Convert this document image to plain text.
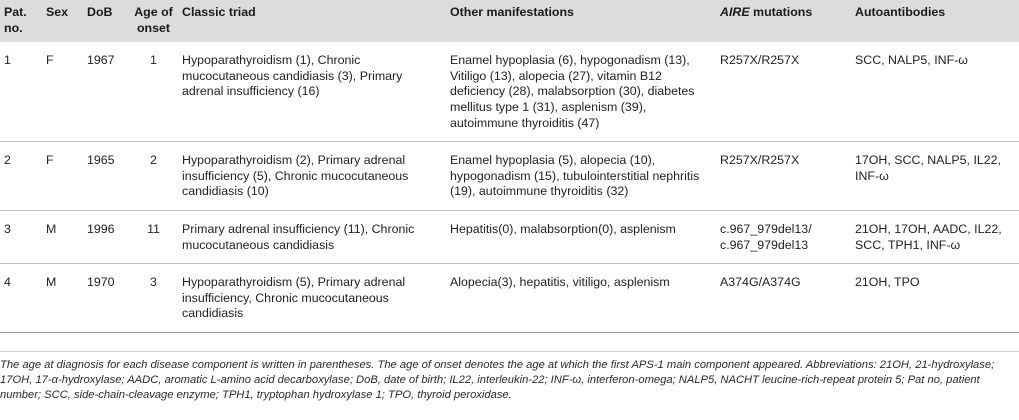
Pat. no.	Sex	DoB	Age of onset	Classic triad	Other manifestations	AIRE mutations	Autoantibodies
1	F	1967	1	Hypoparathyroidism (1), Chronic mucocutaneous candidiasis (3), Primary adrenal insufficiency (16)	Enamel hypoplasia (6), hypogonadism (13), Vitiligo (13), alopecia (27), vitamin B12 deficiency (28), malabsorption (30), diabetes mellitus type 1 (31), asplenism (39), autoimmune thyroiditis (47)	R257X/R257X	SCC, NALP5, INF-ω
2	F	1965	2	Hypoparathyroidism (2), Primary adrenal insufficiency (5), Chronic mucocutaneous candidiasis (10)	Enamel hypoplasia (5), alopecia (10), hypogonadism (15), tubulointerstitial nephritis (19), autoimmune thyroiditis (32)	R257X/R257X	17OH, SCC, NALP5, IL22, INF-ω
3	M	1996	11	Primary adrenal insufficiency (11), Chronic mucocutaneous candidiasis	Hepatitis(0), malabsorption(0), asplenism	c.967_979del13/ c.967_979del13	21OH, 17OH, AADC, IL22, SCC, TPH1, INF-ω
4	M	1970	3	Hypoparathyroidism (5), Primary adrenal insufficiency, Chronic mucocutaneous candidiasis	Alopecia(3), hepatitis, vitiligo, asplenism	A374G/A374G	21OH, TPO

The age at diagnosis for each disease component is written in parentheses. The age of onset denotes the age at which the first APS-1 main component appeared. Abbreviations: 21OH, 21-hydroxylase; 17OH, 17-α-hydroxylase; AADC, aromatic L-amino acid decarboxylase; DoB, date of birth; IL22, interleukin-22; INF-ω, interferon-omega; NALP5, NACHT leucine-rich-repeat protein 5; Pat no, patient number; SCC, side-chain-cleavage enzyme; TPH1, tryptophan hydroxylase 1; TPO, thyroid peroxidase.
